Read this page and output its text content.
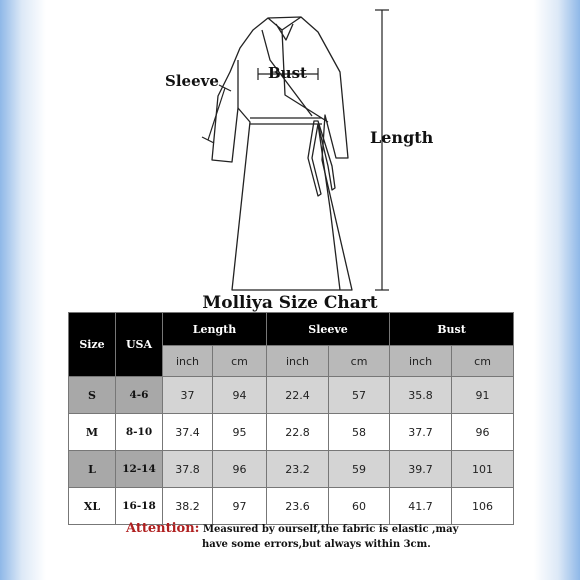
Sleeve	Bust
Length
Molliya Size Chart
Size	USA	Length		Sleeve		Bust	
		inch	cm	inch	cm	inch	cm
S	4-6	37	94	22.4	57	35.8	91
M	8-10	37.4	95	22.8	58	37.7	96
L	12-14	37.8	96	23.2	59	39.7	101
XL	16-18	38.2	97	23.6	60	41.7	106
Attention: Measured by ourself,the fabric is elastic ,may
have some errors,but always within 3cm.
